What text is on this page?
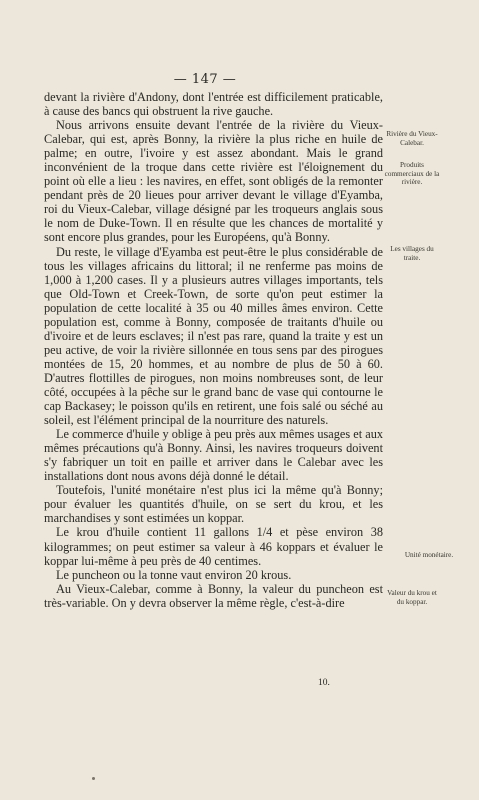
— 147 —

devant la rivière d'Andony, dont l'entrée est difficilement praticable, à cause des bancs qui obstruent la rive gauche.

Nous arrivons ensuite devant l'entrée de la rivière du Vieux-Calebar, qui est, après Bonny, la rivière la plus riche en huile de palme; en outre, l'ivoire y est assez abondant. Mais le grand inconvénient de la troque dans cette rivière est l'éloignement du point où elle a lieu : les navires, en effet, sont obligés de la remonter pendant près de 20 lieues pour arriver devant le village d'Eyamba, roi du Vieux-Calebar, village désigné par les troqueurs anglais sous le nom de Duke-Town. Il en résulte que les chances de mortalité y sont encore plus grandes, pour les Européens, qu'à Bonny.

Du reste, le village d'Eyamba est peut-être le plus considérable de tous les villages africains du littoral; il ne renferme pas moins de 1,000 à 1,200 cases. Il y a plusieurs autres villages importants, tels que Old-Town et Creek-Town, de sorte qu'on peut estimer la population de cette localité à 35 ou 40 milles âmes environ. Cette population est, comme à Bonny, composée de traitants d'huile ou d'ivoire et de leurs esclaves; il n'est pas rare, quand la traite y est un peu active, de voir la rivière sillonnée en tous sens par des pirogues montées de 15, 20 hommes, et au nombre de plus de 50 à 60. D'autres flottilles de pirogues, non moins nombreuses sont, de leur côté, occupées à la pêche sur le grand banc de vase qui contourne le cap Backasey; le poisson qu'ils en retirent, une fois salé ou séché au soleil, est l'élément principal de la nourriture des naturels.

Le commerce d'huile y oblige à peu près aux mêmes usages et aux mêmes précautions qu'à Bonny. Ainsi, les navires troqueurs doivent s'y fabriquer un toit en paille et arriver dans le Calebar avec les installations dont nous avons déjà donné le détail.

Toutefois, l'unité monétaire n'est plus ici la même qu'à Bonny; pour évaluer les quantités d'huile, on se sert du krou, et les marchandises y sont estimées un koppar.

Le krou d'huile contient 11 gallons 1/4 et pèse environ 38 kilogrammes; on peut estimer sa valeur à 46 koppars et évaluer le koppar lui-même à peu près de 40 centimes.

Le puncheon ou la tonne vaut environ 20 krous.

Au Vieux-Calebar, comme à Bonny, la valeur du puncheon est très-variable. On y devra observer la même règle, c'est-à-dire

10.
Rivière du Vieux-Calebar.
Produits commerciaux de la rivière.
Les villages du traite.
Unité monétaire.
Valeur du krou et du koppar.
